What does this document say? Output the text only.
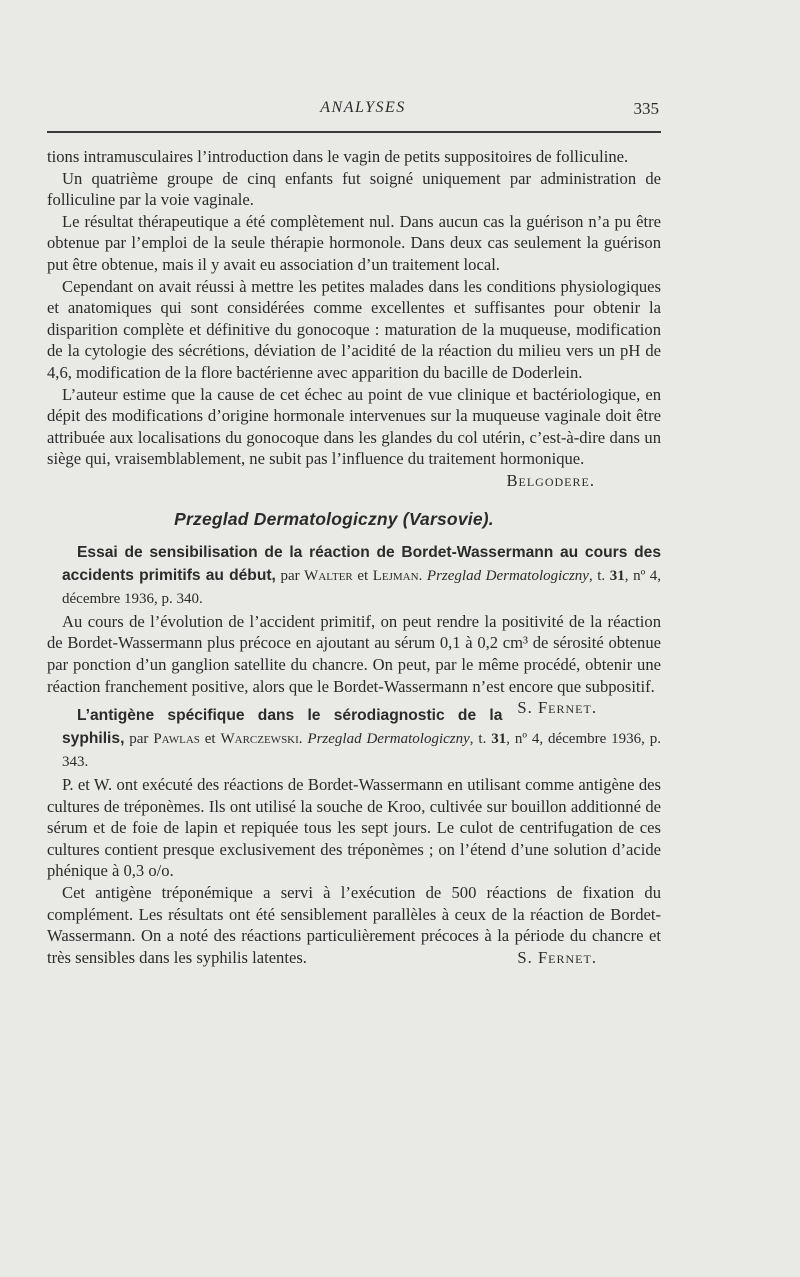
ANALYSES	335

tions intramusculaires l’introduction dans le vagin de petits suppositoires de folliculine.

Un quatrième groupe de cinq enfants fut soigné uniquement par administration de folliculine par la voie vaginale.

Le résultat thérapeutique a été complètement nul. Dans aucun cas la guérison n’a pu être obtenue par l’emploi de la seule thérapie hormonole. Dans deux cas seulement la guérison put être obtenue, mais il y avait eu association d’un traitement local.

Cependant on avait réussi à mettre les petites malades dans les conditions physiologiques et anatomiques qui sont considérées comme excellentes et suffisantes pour obtenir la disparition complète et définitive du gonocoque : maturation de la muqueuse, modification de la cytologie des sécrétions, déviation de l’acidité de la réaction du milieu vers un pH de 4,6, modification de la flore bactérienne avec apparition du bacille de Doderlein.

L’auteur estime que la cause de cet échec au point de vue clinique et bactériologique, en dépit des modifications d’origine hormonale intervenues sur la muqueuse vaginale doit être attribuée aux localisations du gonocoque dans les glandes du col utérin, c’est-à-dire dans un siège qui, vraisemblablement, ne subit pas l’influence du traitement hormonique.

Belgodere.
Przeglad Dermatologiczny (Varsovie).

Essai de sensibilisation de la réaction de Bordet-Wassermann au cours des accidents primitifs au début, par Walter et Lejman. Przeglad Dermatologiczny, t. 31, nº 4, décembre 1936, p. 340.

Au cours de l’évolution de l’accident primitif, on peut rendre la positivité de la réaction de Bordet-Wassermann plus précoce en ajoutant au sérum 0,1 à 0,2 cm³ de sérosité obtenue par ponction d’un ganglion satellite du chancre. On peut, par le même procédé, obtenir une réaction franchement positive, alors que le Bordet-Wassermann n’est encore que subpositif.
S. Fernet.

L’antigène spécifique dans le sérodiagnostic de la syphilis, par Pawlas et Warczewski. Przeglad Dermatologiczny, t. 31, nº 4, décembre 1936, p. 343.

P. et W. ont exécuté des réactions de Bordet-Wassermann en utilisant comme antigène des cultures de tréponèmes. Ils ont utilisé la souche de Kroo, cultivée sur bouillon additionné de sérum et de foie de lapin et repiquée tous les sept jours. Le culot de centrifugation de ces cultures contient presque exclusivement des tréponèmes ; on l’étend d’une solution d’acide phénique à 0,3 o/o.

Cet antigène tréponémique a servi à l’exécution de 500 réactions de fixation du complément. Les résultats ont été sensiblement parallèles à ceux de la réaction de Bordet-Wassermann. On a noté des réactions particulièrement précoces à la période du chancre et très sensibles dans les syphilis latentes.	S. Fernet.
